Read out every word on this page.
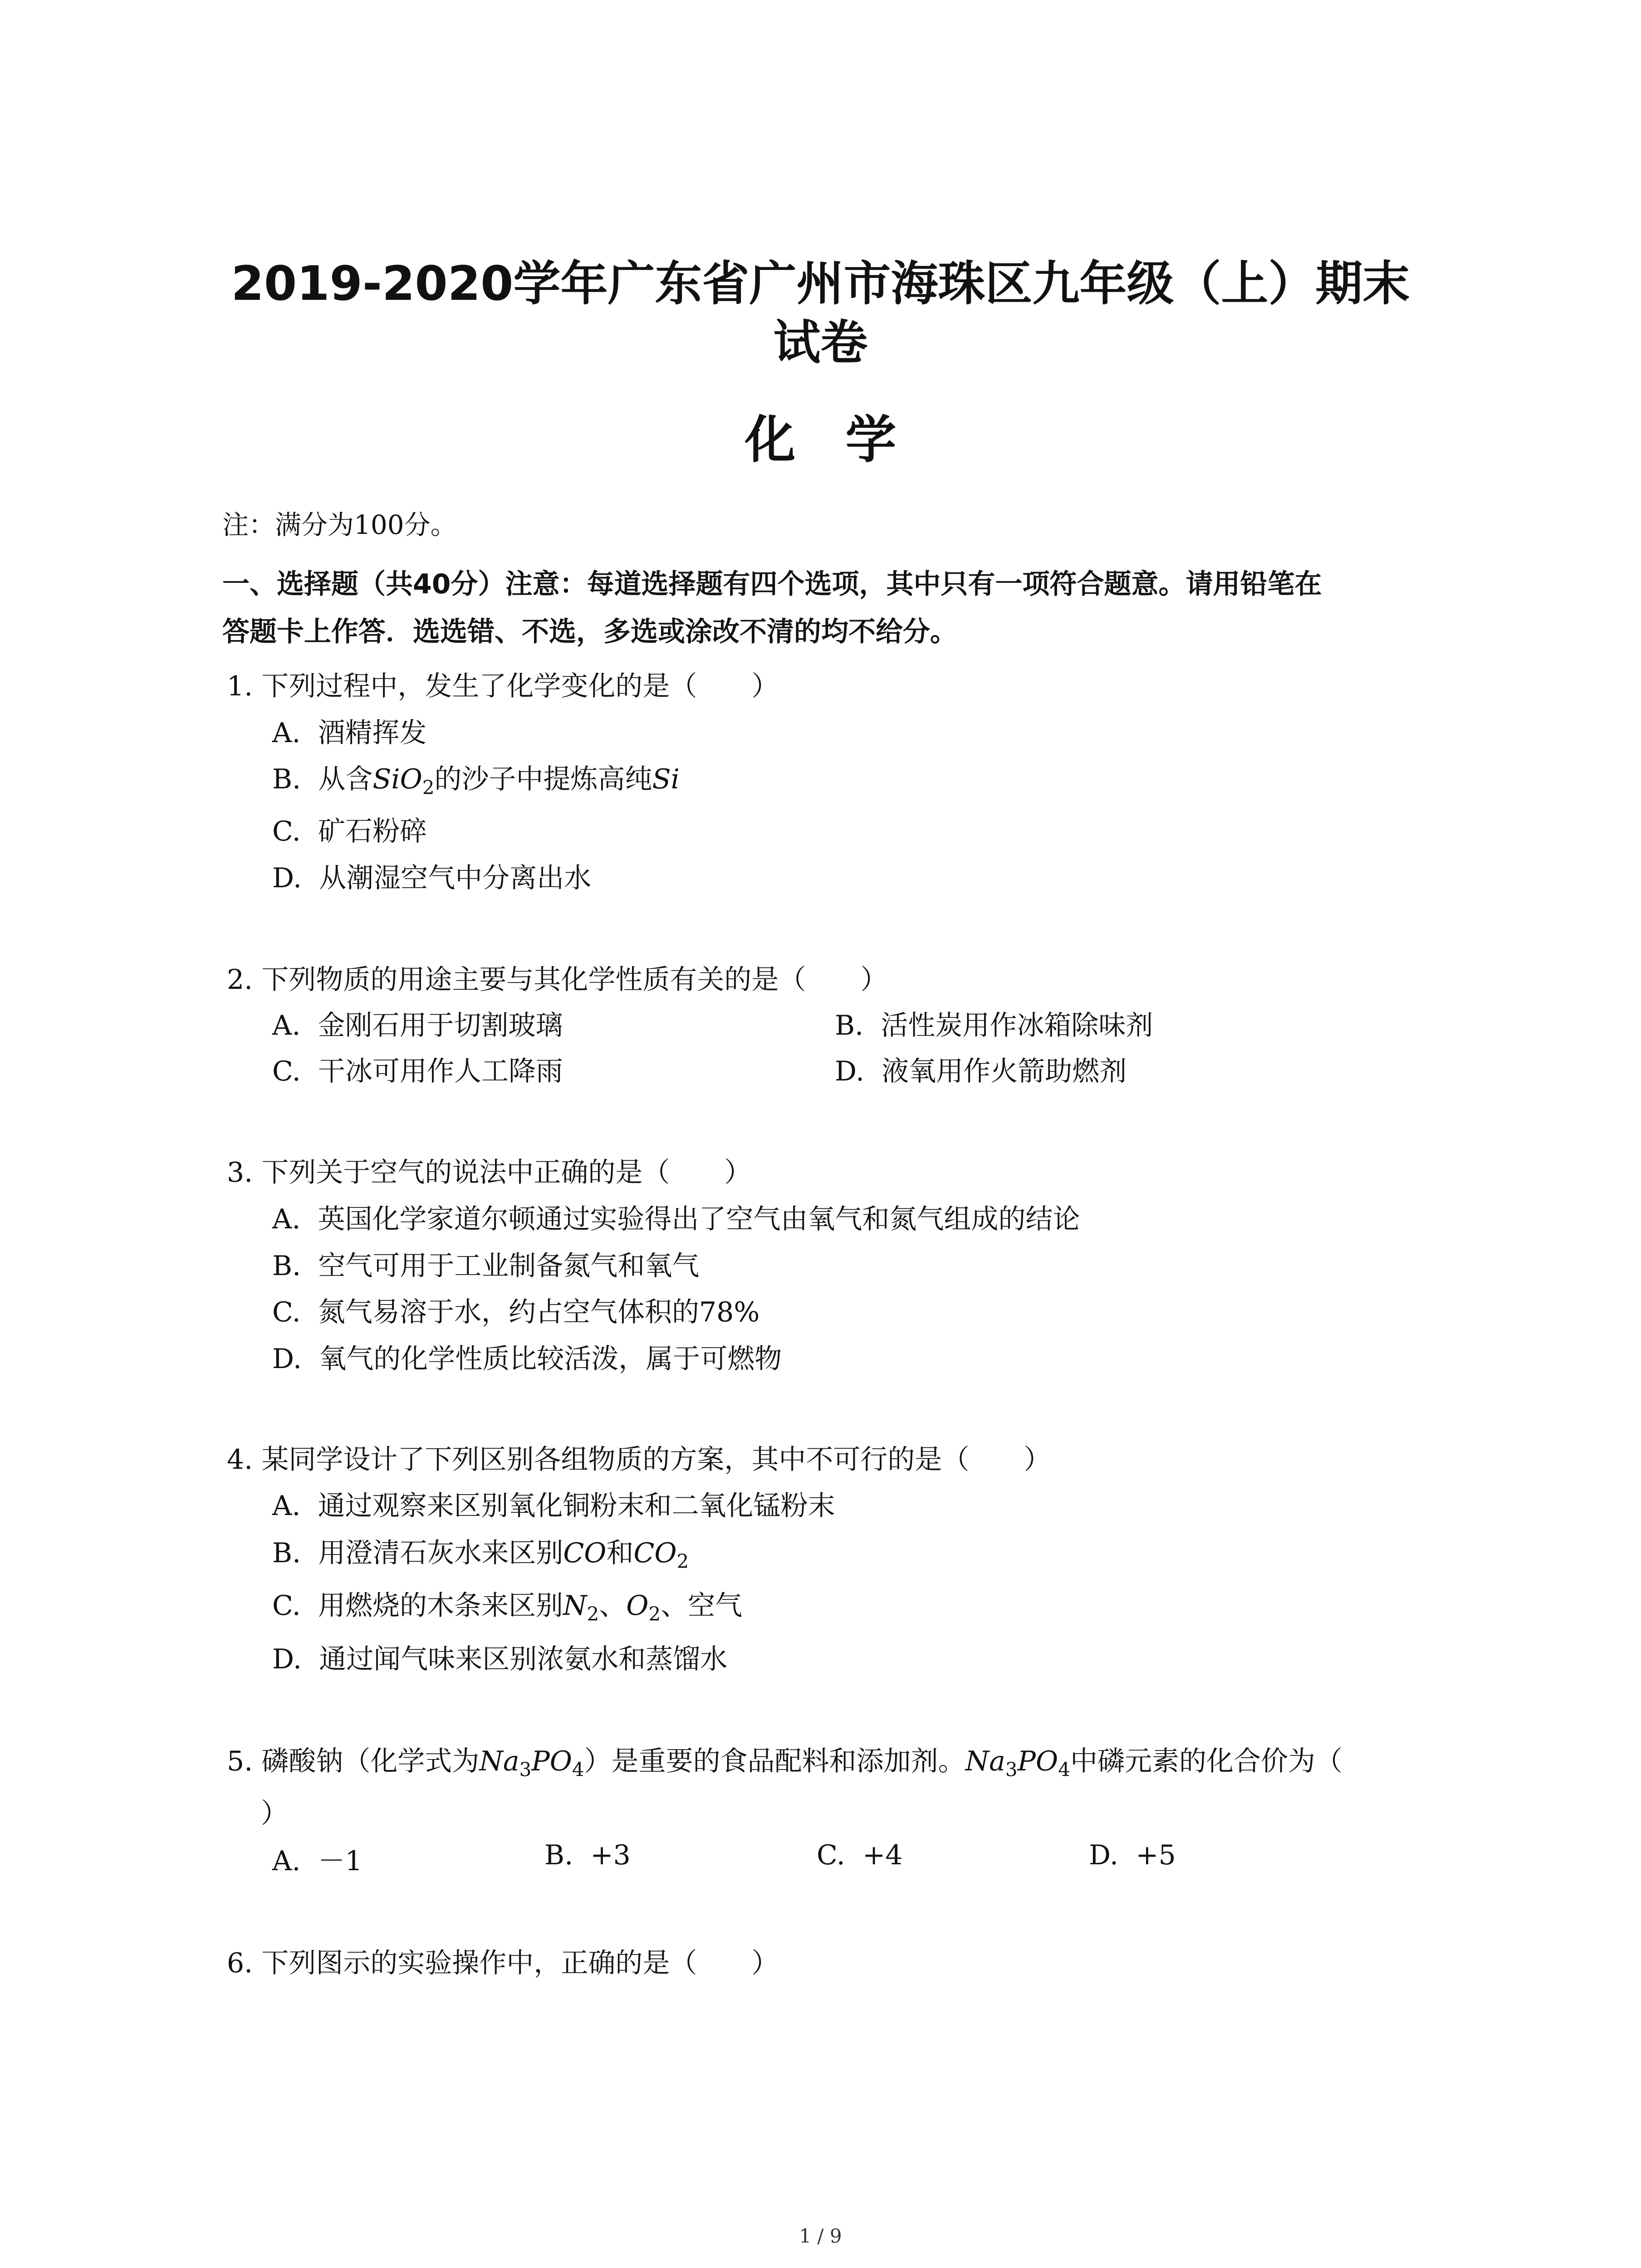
2019-2020学年广东省广州市海珠区九年级（上）期末
试卷
化学
注：满分为100分。
一、选择题（共40分）注意：每道选择题有四个选项，其中只有一项符合题意。请用铅笔在
答题卡上作答．选选错、不选，多选或涂改不清的均不给分。
1. 下列过程中，发生了化学变化的是（　　）
A. 酒精挥发
B. 从含SiO$_2$的沙子中提炼高纯Si
C. 矿石粉碎
D. 从潮湿空气中分离出水
2. 下列物质的用途主要与其化学性质有关的是（　　）
A. 金刚石用于切割玻璃	B. 活性炭用作冰箱除味剂
C. 干冰可用作人工降雨	D. 液氧用作火箭助燃剂
3. 下列关于空气的说法中正确的是（　　）
A. 英国化学家道尔顿通过实验得出了空气由氧气和氮气组成的结论
B. 空气可用于工业制备氮气和氧气
C. 氮气易溶于水，约占空气体积的78%
D. 氧气的化学性质比较活泼，属于可燃物
4. 某同学设计了下列区别各组物质的方案，其中不可行的是（　　）
A. 通过观察来区别氧化铜粉末和二氧化锰粉末
B. 用澄清石灰水来区别CO和$CO_2$
C. 用燃烧的木条来区别$N_2$、$O_2$、空气
D. 通过闻气味来区别浓氨水和蒸馏水
5. 磷酸钠（化学式为$Na_3PO_4$）是重要的食品配料和添加剂。$Na_3PO_4$中磷元素的化合价为（
）
A. －1	B. +3	C. +4	D. +5
6. 下列图示的实验操作中，正确的是（　　）
1 / 9
